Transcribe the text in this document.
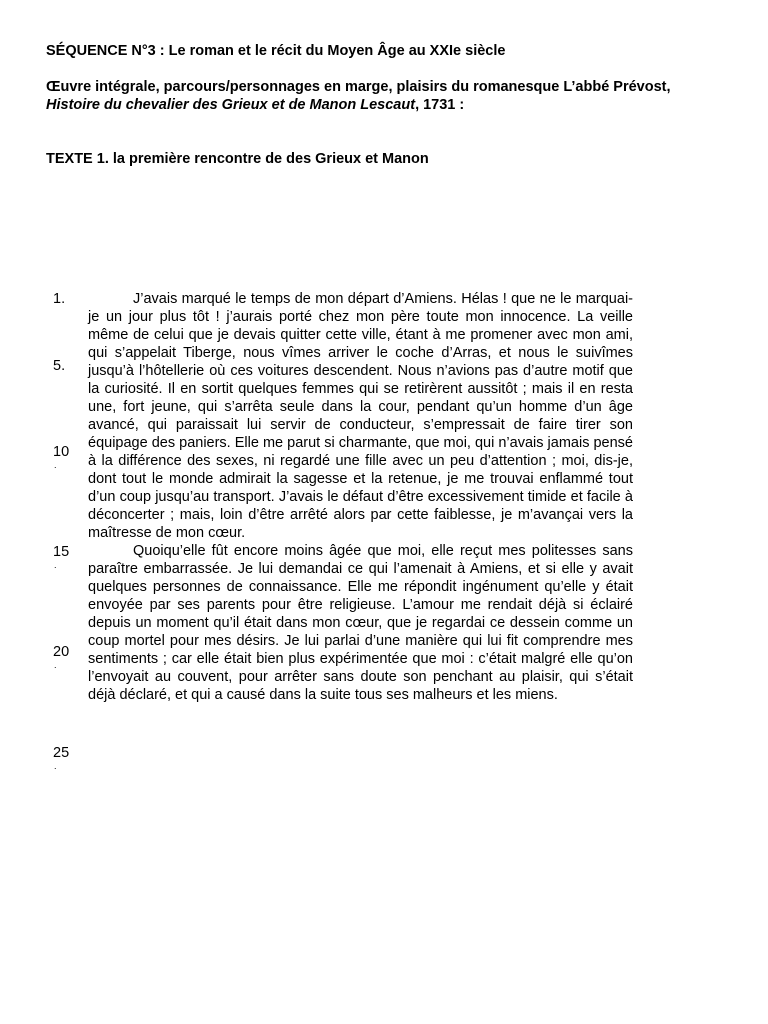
SÉQUENCE N°3 : Le roman et le récit du Moyen Âge au XXIe siècle
Œuvre intégrale, parcours/personnages en marge, plaisirs du romanesque L’abbé Prévost,
Histoire du chevalier des Grieux et de Manon Lescaut, 1731 :
TEXTE 1. la première rencontre de des Grieux et Manon
1.
5.
10
.
15
.
20
.
25
.

J’avais marqué le temps de mon départ d’Amiens. Hélas ! que ne le marquai-je un jour plus tôt ! j’aurais porté chez mon père toute mon innocence. La veille même de celui que je devais quitter cette ville, étant à me promener avec mon ami, qui s’appelait Tiberge, nous vîmes arriver le coche d’Arras, et nous le suivîmes jusqu’à l’hôtellerie où ces voitures descendent. Nous n’avions pas d’autre motif que la curiosité. Il en sortit quelques femmes qui se retirèrent aussitôt ; mais il en resta une, fort jeune, qui s’arrêta seule dans la cour, pendant qu’un homme d’un âge avancé, qui paraissait lui servir de conducteur, s’empressait de faire tirer son équipage des paniers. Elle me parut si charmante, que moi, qui n’avais jamais pensé à la différence des sexes, ni regardé une fille avec un peu d’attention ; moi, dis-je, dont tout le monde admirait la sagesse et la retenue, je me trouvai enflammé tout d’un coup jusqu’au transport. J’avais le défaut d’être excessivement timide et facile à déconcerter ; mais, loin d’être arrêté alors par cette faiblesse, je m’avançai vers la maîtresse de mon cœur.

Quoiqu’elle fût encore moins âgée que moi, elle reçut mes politesses sans paraître embarrassée. Je lui demandai ce qui l’amenait à Amiens, et si elle y avait quelques personnes de connaissance. Elle me répondit ingénument qu’elle y était envoyée par ses parents pour être religieuse. L’amour me rendait déjà si éclairé depuis un moment qu’il était dans mon cœur, que je regardai ce dessein comme un coup mortel pour mes désirs. Je lui parlai d’une manière qui lui fit comprendre mes sentiments ; car elle était bien plus expérimentée que moi : c’était malgré elle qu’on l’envoyait au couvent, pour arrêter sans doute son penchant au plaisir, qui s’était déjà déclaré, et qui a causé dans la suite tous ses malheurs et les miens.
